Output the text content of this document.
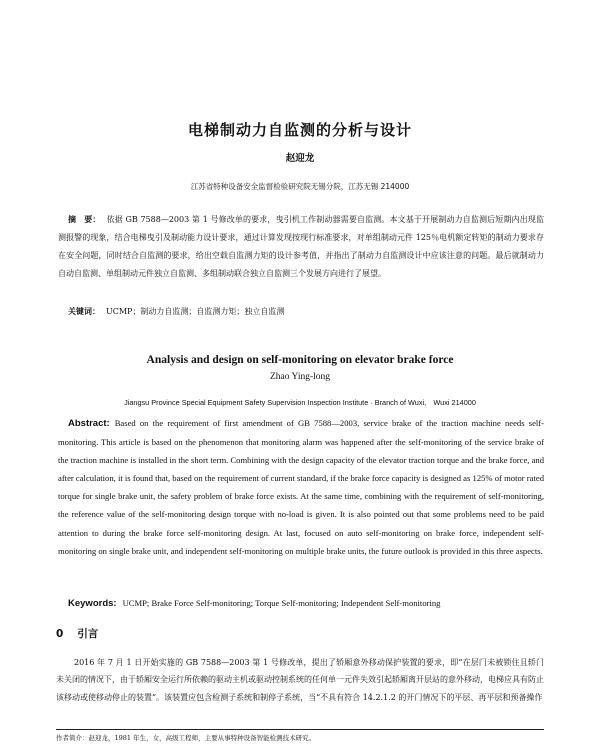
电梯制动力自监测的分析与设计
赵迎龙
江苏省特种设备安全监督检验研究院无锡分院，江苏无锡 214000
摘　要： 依据 GB 7588—2003 第 1 号修改单的要求，曳引机工作制动器需要自监测。本文基于开展制动力自监测后短期内出现监测报警的现象，结合电梯曳引及制动能力设计要求，通过计算发现按现行标准要求，对单组制动元件 125％电机额定转矩的制动力要求存在安全问题，同时结合自监测的要求，给出空载自监测力矩的设计参考值，并指出了制动力自监测设计中应该注意的问题。最后就制动力自动自监测、单组制动元件独立自监测、多组制动联合独立自监测三个发展方向进行了展望。
关键词： UCMP；制动力自监测；自监测力矩；独立自监测
Analysis and design on self-monitoring on elevator brake force
Zhao Ying-long
Jiangsu Province Special Equipment Safety Supervision Inspection Institute · Branch of Wuxi,　Wuxi 214000
Abstract: Based on the requirement of first amendment of GB 7588—2003, service brake of the traction machine needs self-monitoring. This article is based on the phenomenon that monitoring alarm was happened after the self-monitoring of the service brake of the traction machine is installed in the short term. Combining with the design capacity of the elevator traction torque and the brake force, and after calculation, it is found that, based on the requirement of current standard, if the brake force capacity is designed as 125% of motor rated torque for single brake unit, the safety problem of brake force exists. At the same time, combining with the requirement of self-monitoring, the reference value of the self-monitoring design torque with no-load is given. It is also pointed out that some problems need to be paid attention to during the brake force self-monitoring design. At last, focused on auto self-monitoring on brake force, independent self-monitoring on single brake unit, and independent self-monitoring on multiple brake units, the future outlook is provided in this three aspects.
Keywords: UCMP; Brake Force Self-monitoring; Torque Self-monitoring; Independent Self-monitoring
0 引言
2016 年 7 月 1 日开始实施的 GB 7588—2003 第 1 号修改单，提出了轿厢意外移动保护装置的要求，即“在层门未被锁住且轿门未关闭的情况下，由于轿厢安全运行所依赖的驱动主机或驱动控制系统的任何单一元件失效引起轿厢离开层站的意外移动，电梯应具有防止该移动或使移动停止的装置”。该装置应包含检测子系统和制停子系统，当“不具有符合 14.2.1.2 的开门情况下的平层、再平层和预备操作
作者简介：赵迎龙，1981 年生，女，高级工程师，主要从事特种设备智能检测技术研究。
